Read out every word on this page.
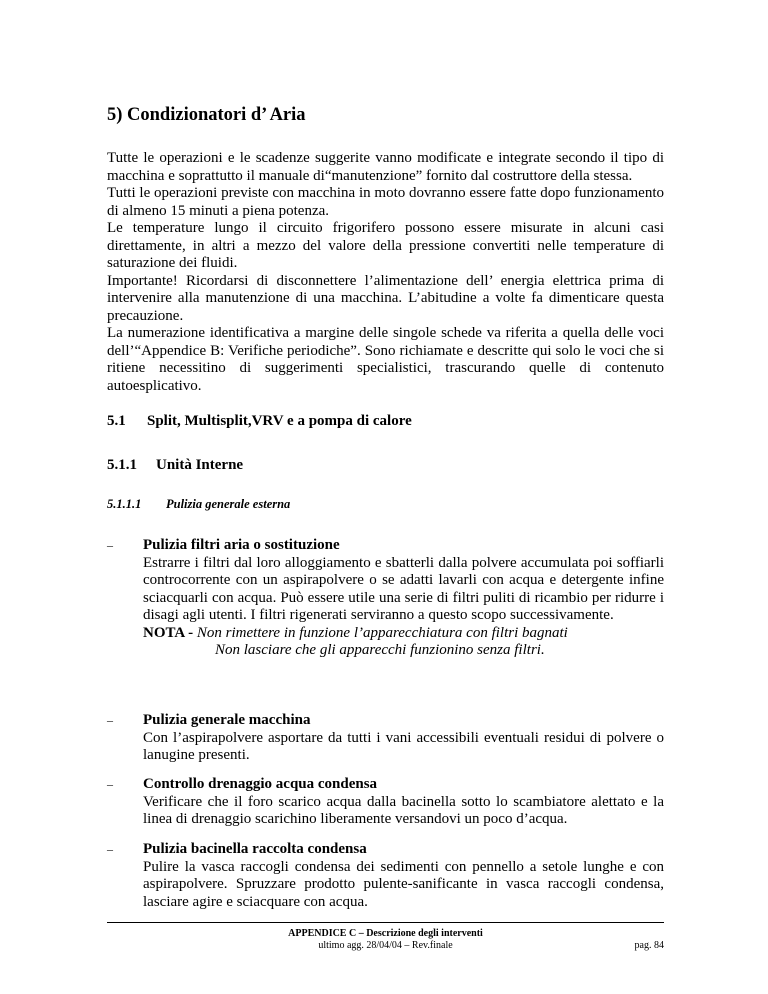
5) Condizionatori d’ Aria

Tutte le operazioni e le scadenze suggerite vanno modificate e integrate secondo il tipo di macchina e soprattutto il manuale di“manutenzione” fornito dal costruttore della stessa.

Tutti le operazioni previste con macchina in moto dovranno essere fatte dopo funzionamento di almeno 15 minuti a piena potenza.

Le temperature lungo il circuito frigorifero possono essere misurate in alcuni casi direttamente, in altri a mezzo del valore della pressione convertiti nelle temperature di saturazione dei fluidi.

Importante! Ricordarsi di disconnettere l’alimentazione dell’ energia elettrica prima di intervenire alla manutenzione di una macchina. L’abitudine a volte fa dimenticare questa precauzione.

La numerazione identificativa a margine delle singole schede va riferita a quella delle voci dell’“Appendice B: Verifiche periodiche”. Sono richiamate e descritte qui solo le voci che si ritiene necessitino di suggerimenti specialistici, trascurando quelle di contenuto autoesplicativo.

5.1 Split, Multisplit,VRV e a pompa di calore
5.1.1 Unità Interne
5.1.1.1 Pulizia generale esterna
– Pulizia filtri aria o sostituzione
Estrarre i filtri dal loro alloggiamento e sbatterli dalla polvere accumulata poi soffiarli controcorrente con un aspirapolvere o se adatti lavarli con acqua e detergente infine sciacquarli con acqua. Può essere utile una serie di filtri puliti di ricambio per ridurre i disagi agli utenti. I filtri rigenerati serviranno a questo scopo successivamente.
NOTA - Non rimettere in funzione l’apparecchiatura con filtri bagnati
Non lasciare che gli apparecchi funzionino senza filtri.
– Pulizia generale macchina
Con l’aspirapolvere asportare da tutti i vani accessibili eventuali residui di polvere o lanugine presenti.
– Controllo drenaggio acqua condensa
Verificare che il foro scarico acqua dalla bacinella sotto lo scambiatore alettato e la linea di drenaggio scarichino liberamente versandovi un poco d’acqua.
– Pulizia bacinella raccolta condensa
Pulire la vasca raccogli condensa dei sedimenti con pennello a setole lunghe e con aspirapolvere. Spruzzare prodotto pulente-sanificante in vasca raccogli condensa, lasciare agire e sciacquare con acqua.
APPENDICE C – Descrizione degli interventi
ultimo agg. 28/04/04 – Rev.finale	pag. 84
